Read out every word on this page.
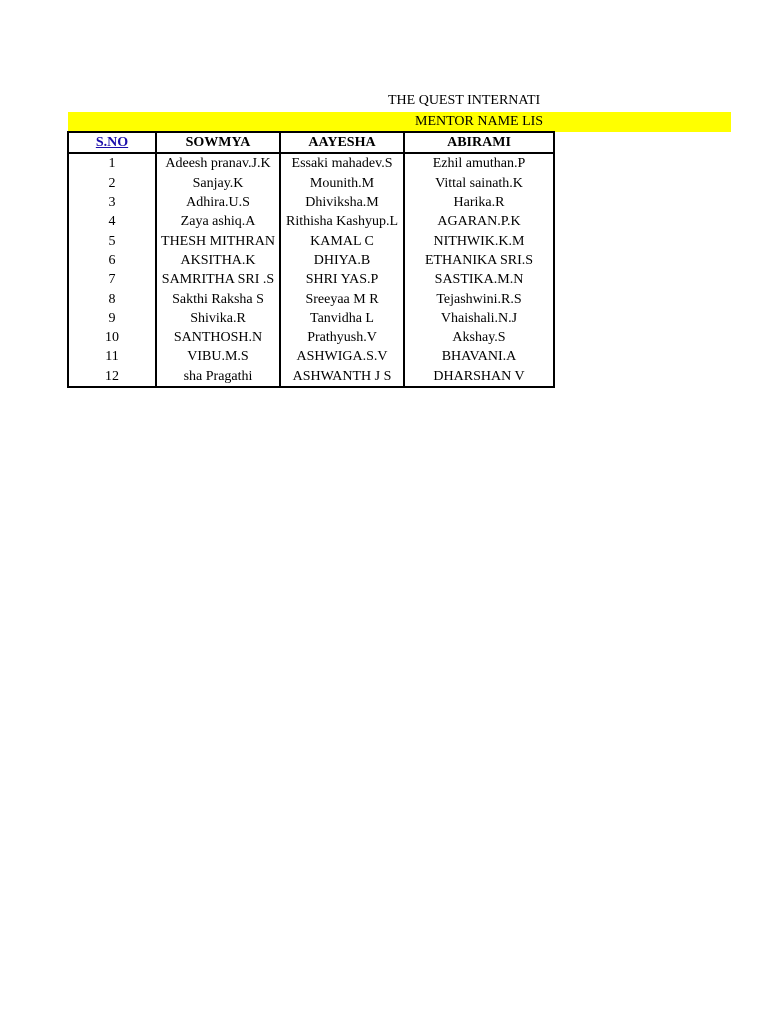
THE QUEST INTERNATI
MENTOR NAME LIS
S.NO	SOWMYA	AAYESHA	ABIRAMI
1	Adeesh pranav.J.K	Essaki mahadev.S	Ezhil amuthan.P
2	Sanjay.K	Mounith.M	Vittal sainath.K
3	Adhira.U.S	Dhiviksha.M	Harika.R
4	Zaya ashiq.A	Rithisha Kashyup.L	AGARAN.P.K
5	THESH MITHRAN	KAMAL C	NITHWIK.K.M
6	AKSITHA.K	DHIYA.B	ETHANIKA SRI.S
7	SAMRITHA SRI .S	SHRI YAS.P	SASTIKA.M.N
8	Sakthi Raksha S	Sreeyaa M R	Tejashwini.R.S
9	Shivika.R	Tanvidha L	Vhaishali.N.J
10	SANTHOSH.N	Prathyush.V	Akshay.S
11	VIBU.M.S	ASHWIGA.S.V	BHAVANI.A
12	sha Pragathi	ASHWANTH J S	DHARSHAN V
